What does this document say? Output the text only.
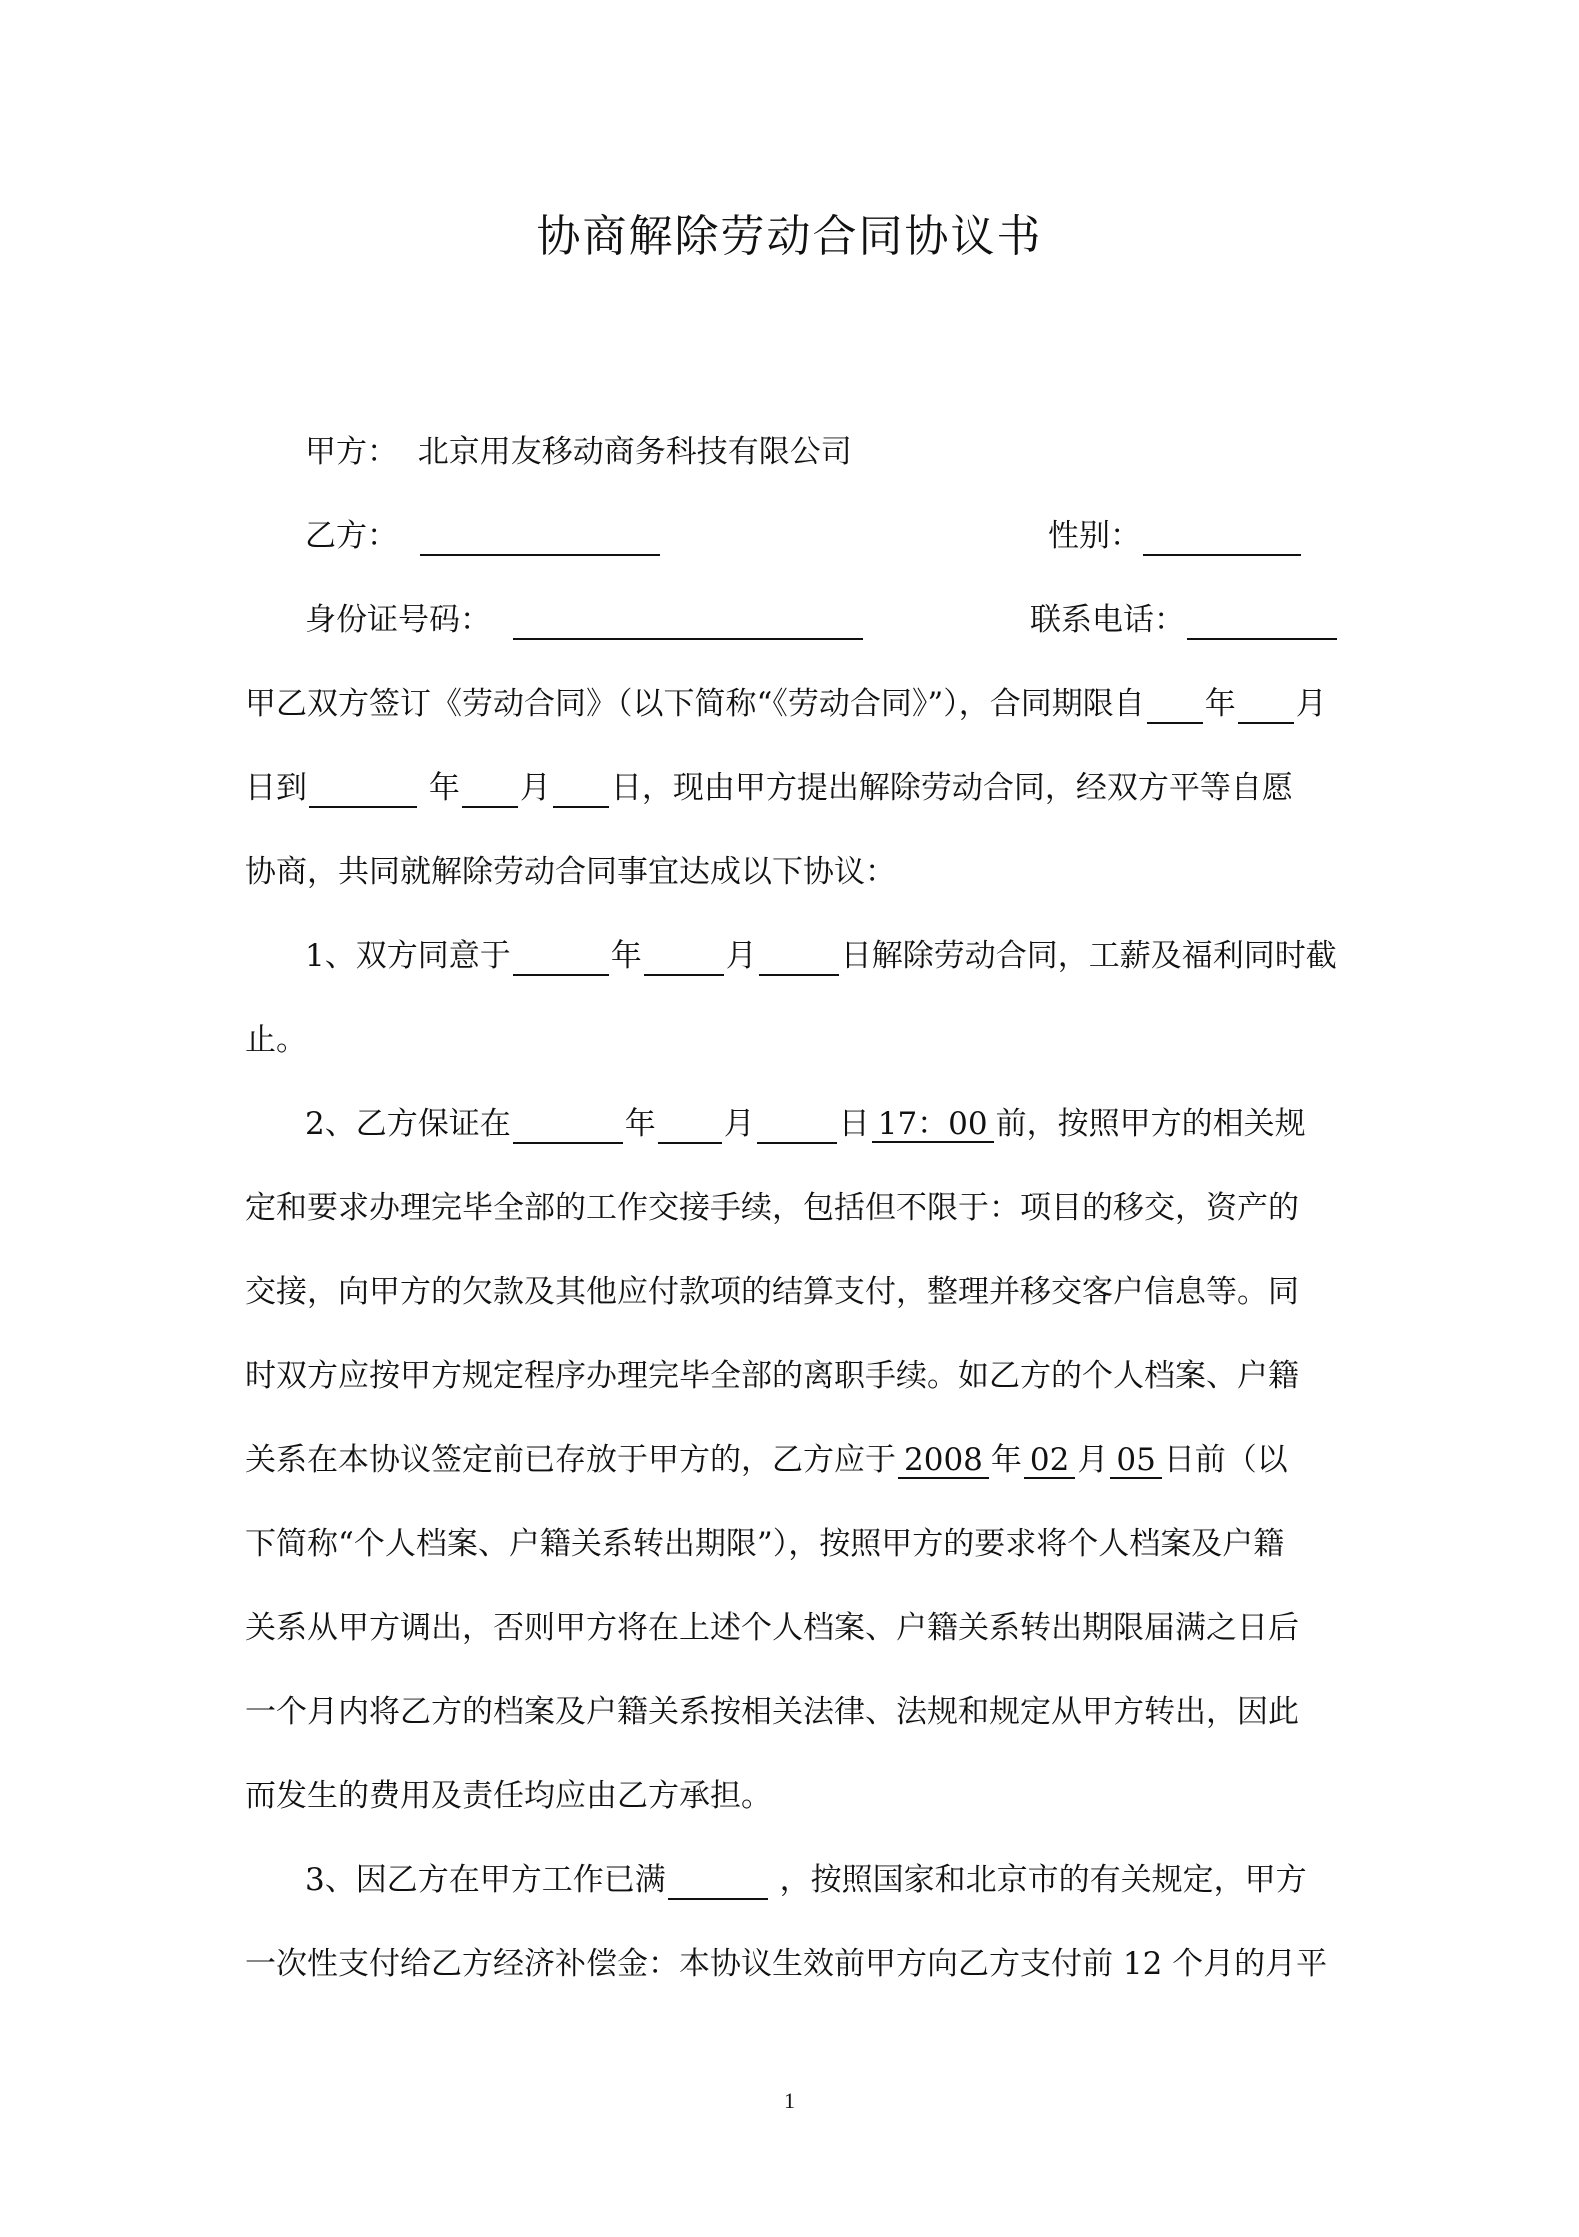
协商解除劳动合同协议书
甲方： 北京用友移动商务科技有限公司
乙方：	性别：
身份证号码：	联系电话：
甲乙双方签订《劳动合同》（以下简称“《劳动合同》”），合同期限自 年 月
日到	年 月 日，现由甲方提出解除劳动合同，经双方平等自愿
协商，共同就解除劳动合同事宜达成以下协议：
1、双方同意于	年	月	日解除劳动合同，工薪及福利同时截
止。
2、乙方保证在	年 月	日 17：00 前，按照甲方的相关规
定和要求办理完毕全部的工作交接手续，包括但不限于：项目的移交，资产的
交接，向甲方的欠款及其他应付款项的结算支付，整理并移交客户信息等。同
时双方应按甲方规定程序办理完毕全部的离职手续。如乙方的个人档案、户籍
关系在本协议签定前已存放于甲方的，乙方应于 2008 年 02 月 05 日前（以
下简称“个人档案、户籍关系转出期限”），按照甲方的要求将个人档案及户籍
关系从甲方调出，否则甲方将在上述个人档案、户籍关系转出期限届满之日后
一个月内将乙方的档案及户籍关系按相关法律、法规和规定从甲方转出，因此
而发生的费用及责任均应由乙方承担。
3、因乙方在甲方工作已满	，按照国家和北京市的有关规定，甲方
一次性支付给乙方经济补偿金：本协议生效前甲方向乙方支付前 12 个月的月平
1
